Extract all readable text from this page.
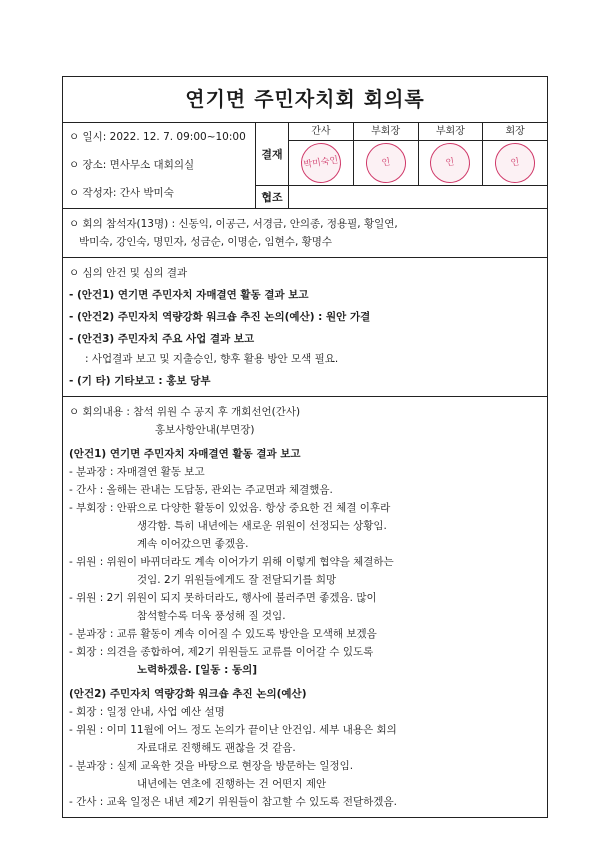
연기면 주민자치회 회의록
ㅇ 일시: 2022. 12. 7. 09:00~10:00
ㅇ 장소: 면사무소 대회의실
ㅇ 작성자: 간사 박미숙
결재
간사
박미숙인
부회장
인
부회장
인
회장
인
협조
ㅇ 회의 참석자(13명) : 신동익, 이공근, 서경금, 안의종, 정용필, 황일연,
박미숙, 강인숙, 명민자, 성금순, 이명순, 임현수, 황명수
ㅇ 심의 안건 및 심의 결과
- (안건1) 연기면 주민자치 자매결연 활동 결과 보고
- (안건2) 주민자치 역량강화 워크숍 추진 논의(예산) : 원안 가결
- (안건3) 주민자치 주요 사업 결과 보고
: 사업결과 보고 및 지출승인, 향후 활용 방안 모색 필요.
- (기 타) 기타보고 : 홍보 당부
ㅇ 회의내용 : 참석 위원 수 공지 후 개회선언(간사)
홍보사항안내(부면장)
(안건1) 연기면 주민자치 자매결연 활동 결과 보고
- 분과장 : 자매결연 활동 보고
- 간사 : 올해는 관내는 도담동, 관외는 주교면과 체결했음.
- 부회장 : 안팎으로 다양한 활동이 있었음. 항상 중요한 건 체결 이후라
생각함. 특히 내년에는 새로운 위원이 선정되는 상황임.
계속 이어갔으면 좋겠음.
- 위원 : 위원이 바뀌더라도 계속 이어가기 위해 이렇게 협약을 체결하는
것임. 2기 위원들에게도 잘 전달되기를 희망
- 위원 : 2기 위원이 되지 못하더라도, 행사에 불러주면 좋겠음. 많이
참석할수록 더욱 풍성해 질 것임.
- 분과장 : 교류 활동이 계속 이어질 수 있도록 방안을 모색해 보겠음
- 회장 : 의견을 종합하여, 제2기 위원들도 교류를 이어갈 수 있도록
노력하겠음. [일동 : 동의]
(안건2) 주민자치 역량강화 워크숍 추진 논의(예산)
- 회장 : 일정 안내, 사업 예산 설명
- 위원 : 이미 11월에 어느 정도 논의가 끝이난 안건임. 세부 내용은 회의
자료대로 진행해도 괜찮을 것 같음.
- 분과장 : 실제 교육한 것을 바탕으로 현장을 방문하는 일정임.
내년에는 연초에 진행하는 건 어떤지 제안
- 간사 : 교육 일정은 내년 제2기 위원들이 참고할 수 있도록 전달하겠음.
